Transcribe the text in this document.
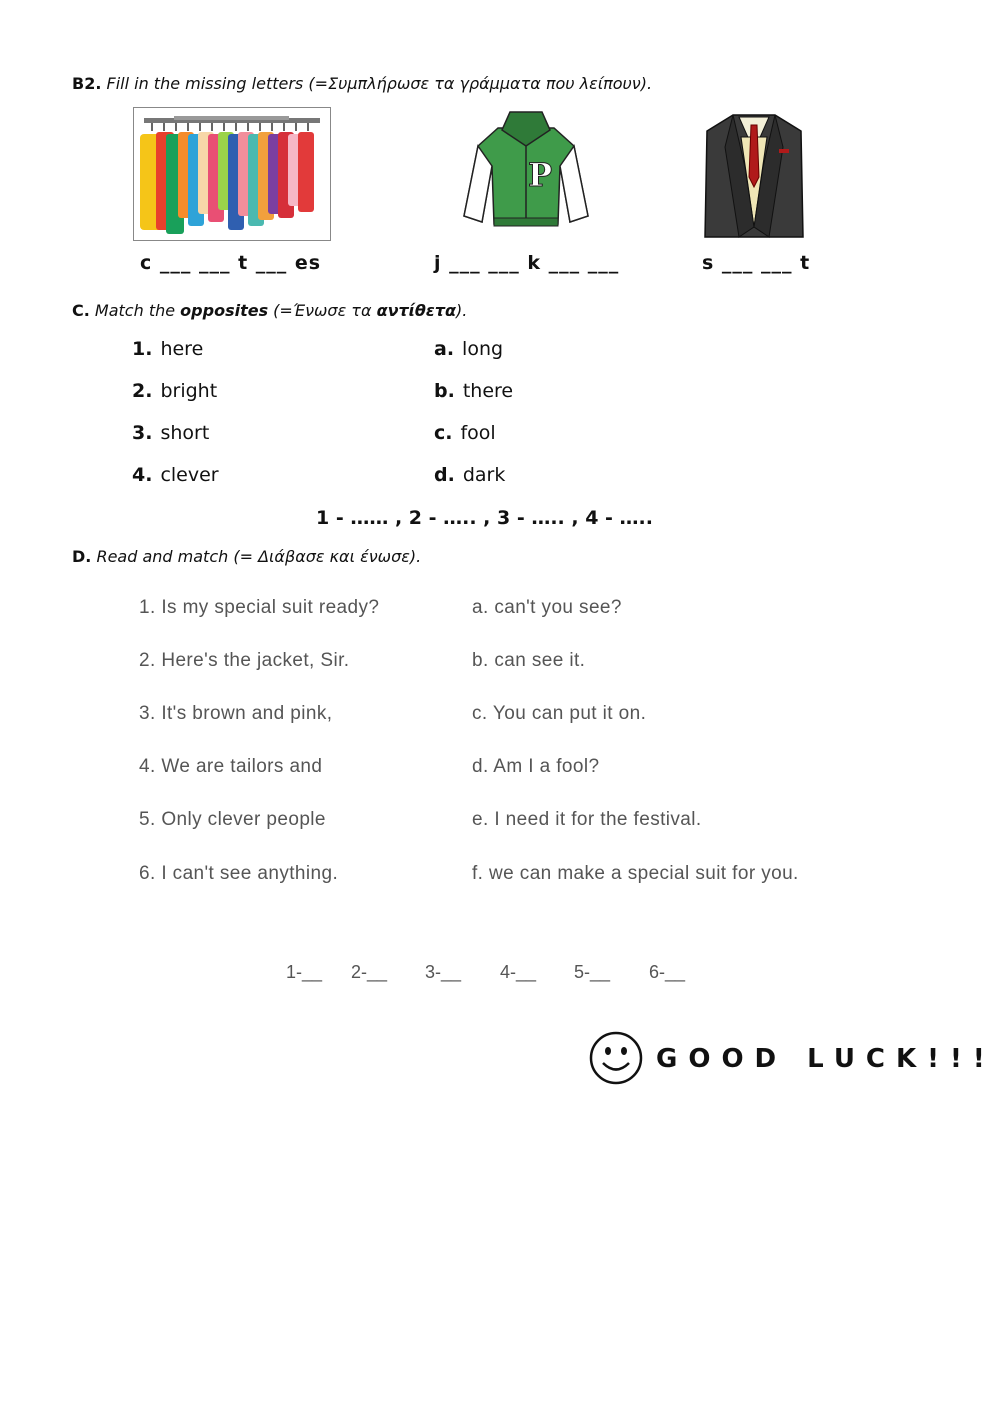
B2. Fill in the missing letters (=Συμπλήρωσε τα γράμματα που λείπουν).
P
c ___ ___ t ___ es	j ___ ___ k ___ ___	s ___ ___ t
C. Match the opposites (=Ένωσε τα αντίθετα).
1. here
2. bright
3. short
4. clever
a. long
b. there
c. fool
d. dark
1 - …… , 2 - ….. , 3 - ….. , 4 - …..
D. Read and match (= Διάβασε και ένωσε).
1. Is my special suit ready?
2. Here's the jacket, Sir.
3. It's brown and pink,
4. We are tailors and
5. Only clever people
6. I can't see anything.
a. can't you see?
b. can see it.
c. You can put it on.
d. Am I a fool?
e. I need it for the festival.
f. we can make a special suit for you.
1-__ 2-__ 3-__ 4-__ 5-__ 6-__
GOOD LUCK!!!
